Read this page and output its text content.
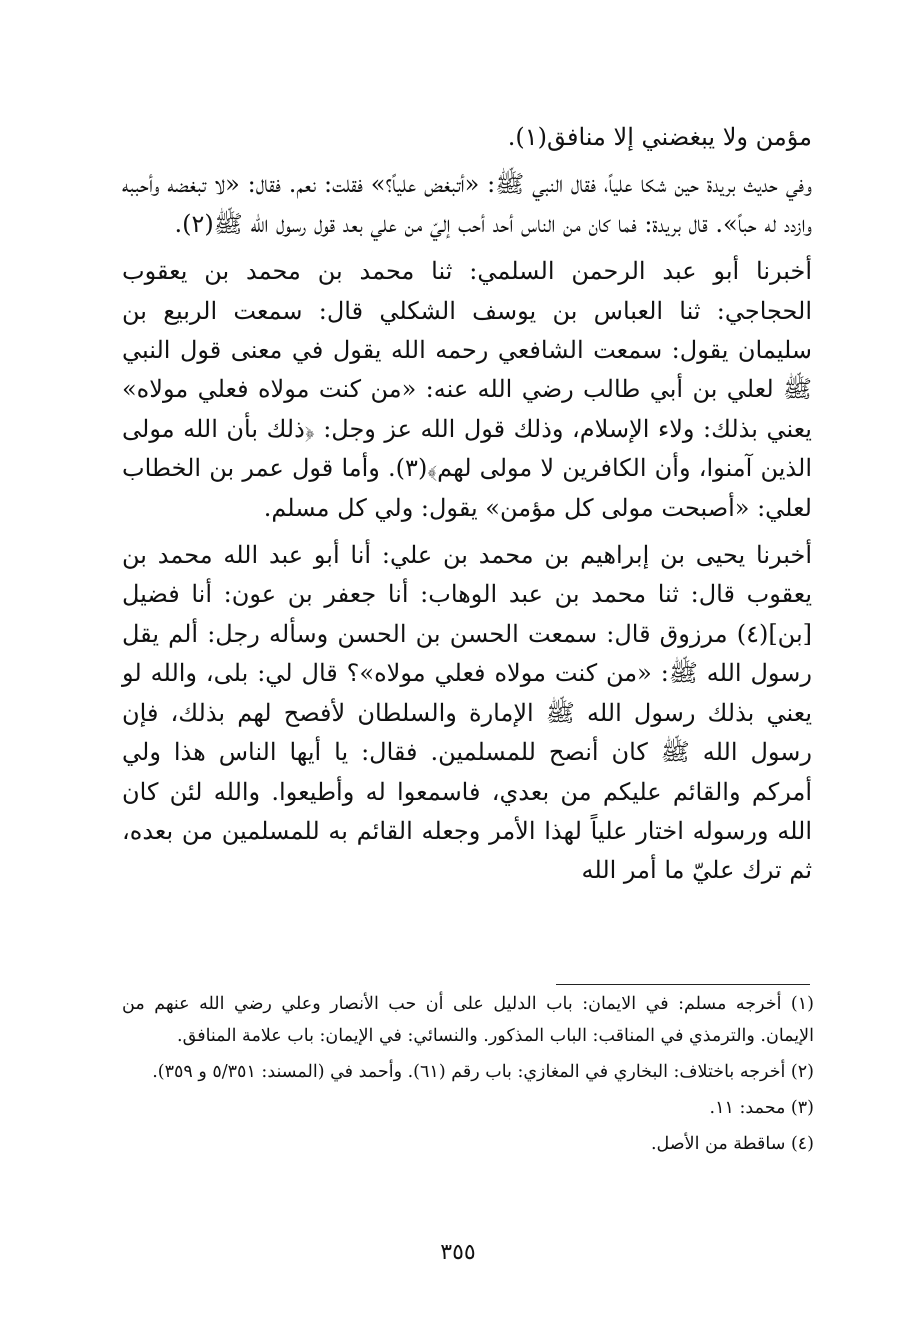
مؤمن ولا يبغضني إلا منافق(١).

وفي حديث بريدة حين شكا علياً، فقال النبي ﷺ: «أتبغض علياً؟» فقلت: نعم. فقال: «لا تبغضه وأحببه وازدد له حباً». قال بريدة: فما كان من الناس أحد أحب إليّ من علي بعد قول رسول الله ﷺ(٢).

أخبرنا أبو عبد الرحمن السلمي: ثنا محمد بن محمد بن يعقوب الحجاجي: ثنا العباس بن يوسف الشكلي قال: سمعت الربيع بن سليمان يقول: سمعت الشافعي رحمه الله يقول في معنى قول النبي ﷺ لعلي بن أبي طالب رضي الله عنه: «من كنت مولاه فعلي مولاه» يعني بذلك: ولاء الإسلام، وذلك قول الله عز وجل: ﴿ذلك بأن الله مولى الذين آمنوا، وأن الكافرين لا مولى لهم﴾(٣). وأما قول عمر بن الخطاب لعلي: «أصبحت مولى كل مؤمن» يقول: ولي كل مسلم.

أخبرنا يحيى بن إبراهيم بن محمد بن علي: أنا أبو عبد الله محمد بن يعقوب قال: ثنا محمد بن عبد الوهاب: أنا جعفر بن عون: أنا فضيل [بن](٤) مرزوق قال: سمعت الحسن بن الحسن وسأله رجل: ألم يقل رسول الله ﷺ: «من كنت مولاه فعلي مولاه»؟ قال لي: بلى، والله لو يعني بذلك رسول الله ﷺ الإمارة والسلطان لأفصح لهم بذلك، فإن رسول الله ﷺ كان أنصح للمسلمين. فقال: يا أيها الناس هذا ولي أمركم والقائم عليكم من بعدي، فاسمعوا له وأطيعوا. والله لئن كان الله ورسوله اختار علياً لهذا الأمر وجعله القائم به للمسلمين من بعده، ثم ترك عليّ ما أمر الله

(١) أخرجه مسلم: في الايمان: باب الدليل على أن حب الأنصار وعلي رضي الله عنهم من الإيمان. والترمذي في المناقب: الباب المذكور. والنسائي: في الإيمان: باب علامة المنافق.

(٢) أخرجه باختلاف: البخاري في المغازي: باب رقم (٦١). وأحمد في (المسند: ٥/٣٥١ و ٣٥٩).

(٣) محمد: ١١.

(٤) ساقطة من الأصل.

٣٥٥
